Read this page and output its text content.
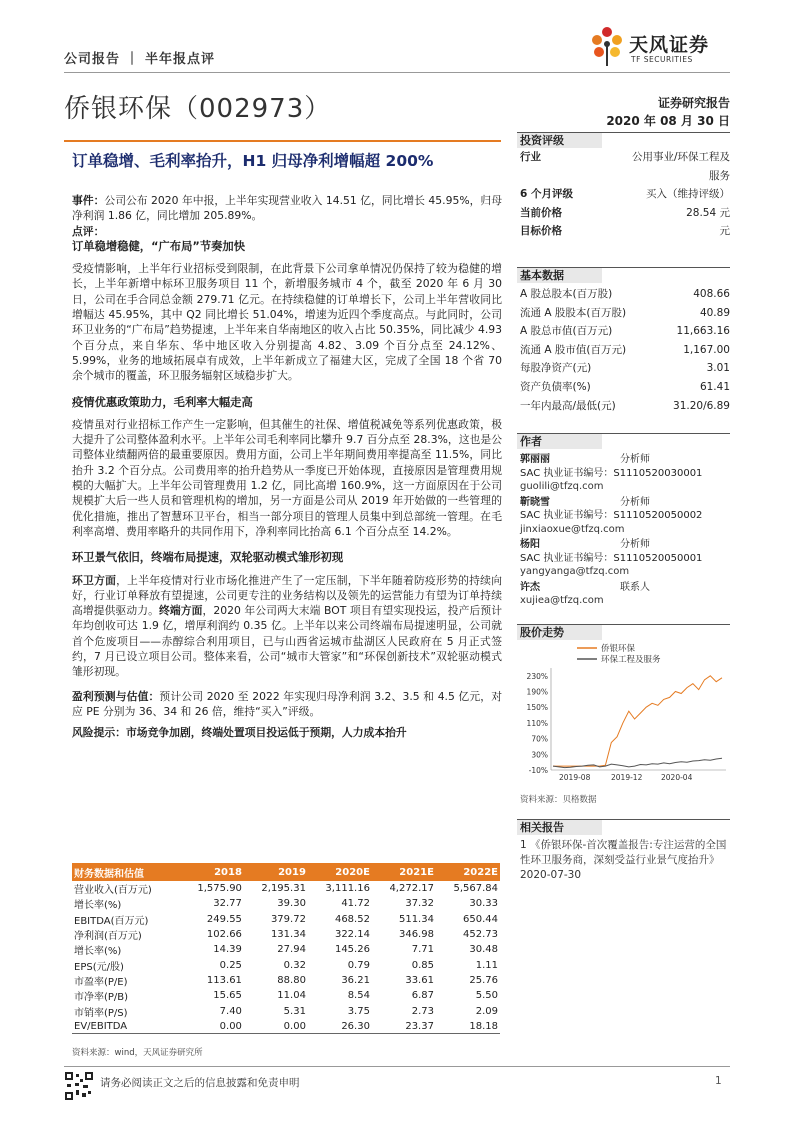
公司报告 ｜ 半年报点评
天风证券
TF SECURITIES
侨银环保（002973）	证券研究报告
2020 年 08 月 30 日
订单稳增、毛利率抬升，H1 归母净利增幅超 200%

事件：公司公布 2020 年中报，上半年实现营业收入 14.51 亿，同比增长 45.95%，归母净利润 1.86 亿，同比增加 205.89%。

点评：

订单稳增稳健，“广布局”节奏加快

受疫情影响，上半年行业招标受到限制，在此背景下公司拿单情况仍保持了较为稳健的增长，上半年新增中标环卫服务项目 11 个，新增服务城市 4 个，截至 2020 年 6 月 30 日，公司在手合同总金额 279.71 亿元。在持续稳健的订单增长下，公司上半年营收同比增幅达 45.95%，其中 Q2 同比增长 51.04%，增速为近四个季度高点。与此同时，公司环卫业务的“广布局”趋势提速，上半年来自华南地区的收入占比 50.35%，同比减少 4.93 个百分点，来自华东、华中地区收入分别提高 4.82、3.09 个百分点至 24.12%、5.99%，业务的地域拓展卓有成效，上半年新成立了福建大区，完成了全国 18 个省 70 余个城市的覆盖，环卫服务辐射区域稳步扩大。

疫情优惠政策助力，毛利率大幅走高

疫情虽对行业招标工作产生一定影响，但其催生的社保、增值税减免等系列优惠政策，极大提升了公司整体盈利水平。上半年公司毛利率同比攀升 9.7 百分点至 28.3%，这也是公司整体业绩翻两倍的最重要原因。费用方面，公司上半年期间费用率提高至 11.5%，同比抬升 3.2 个百分点。公司费用率的抬升趋势从一季度已开始体现，直接原因是管理费用规模的大幅扩大。上半年公司管理费用 1.2 亿，同比高增 160.9%，这一方面原因在于公司规模扩大后一些人员和管理机构的增加，另一方面是公司从 2019 年开始做的一些管理的优化措施，推出了智慧环卫平台，相当一部分项目的管理人员集中到总部统一管理。在毛利率高增、费用率略升的共同作用下，净利率同比抬高 6.1 个百分点至 14.2%。

环卫景气依旧，终端布局提速，双轮驱动模式雏形初现

环卫方面，上半年疫情对行业市场化推进产生了一定压制，下半年随着防疫形势的持续向好，行业订单释放有望提速，公司更专注的业务结构以及领先的运营能力有望为订单持续高增提供驱动力。终端方面，2020 年公司两大末端 BOT 项目有望实现投运，投产后预计年均创收可达 1.9 亿，增厚利润约 0.35 亿。上半年以来公司终端布局提速明显，公司就首个危废项目——赤醇综合利用项目，已与山西省运城市盐湖区人民政府在 5 月正式签约，7 月已设立项目公司。整体来看，公司“城市大管家”和“环保创新技术”双轮驱动模式雏形初现。

盈利预测与估值：预计公司 2020 至 2022 年实现归母净利润 3.2、3.5 和 4.5 亿元，对应 PE 分别为 36、34 和 26 倍，维持“买入”评级。

风险提示：市场竞争加剧，终端处置项目投运低于预期，人力成本抬升

投资评级
行业	公用事业/环保工程及
服务
6 个月评级	买入（维持评级）
当前价格	28.54 元
目标价格	元
基本数据
A 股总股本(百万股)	408.66
流通 A 股股本(百万股)	40.89
A 股总市值(百万元)	11,663.16
流通 A 股市值(百万元)	1,167.00
每股净资产(元)	3.01
资产负债率(%)	61.41
一年内最高/最低(元)	31.20/6.89
作者
郭丽丽	分析师
SAC 执业证书编号：S1110520030001
guolili@tfzq.com
靳晓雪	分析师
SAC 执业证书编号：S1110520050002
jinxiaoxue@tfzq.com
杨阳	分析师
SAC 执业证书编号：S1110520050001
yangyanga@tfzq.com
许杰	联系人
xujiea@tfzq.com
股价走势
侨银环保
环保工程及服务
230%
190%
150%
110%
70%
30%
-10%
2019-08	2019-12 2020-04
资料来源：贝格数据
相关报告
1 《侨银环保-首次覆盖报告:专注运营的全国性环卫服务商，深刻受益行业景气度抬升》 2020-07-30
财务数据和估值	2018	2019	2020E	2021E	2022E
营业收入(百万元)	1,575.90	2,195.31	3,111.16	4,272.17	5,567.84
增长率(%)	32.77	39.30	41.72	37.32	30.33
EBITDA(百万元)	249.55	379.72	468.52	511.34	650.44
净利润(百万元)	102.66	131.34	322.14	346.98	452.73
增长率(%)	14.39	27.94	145.26	7.71	30.48
EPS(元/股)	0.25	0.32	0.79	0.85	1.11
市盈率(P/E)	113.61	88.80	36.21	33.61	25.76
市净率(P/B)	15.65	11.04	8.54	6.87	5.50
市销率(P/S)	7.40	5.31	3.75	2.73	2.09
EV/EBITDA	0.00	0.00	26.30	23.37	18.18
资料来源：wind，天风证券研究所
请务必阅读正文之后的信息披露和免责申明	1
